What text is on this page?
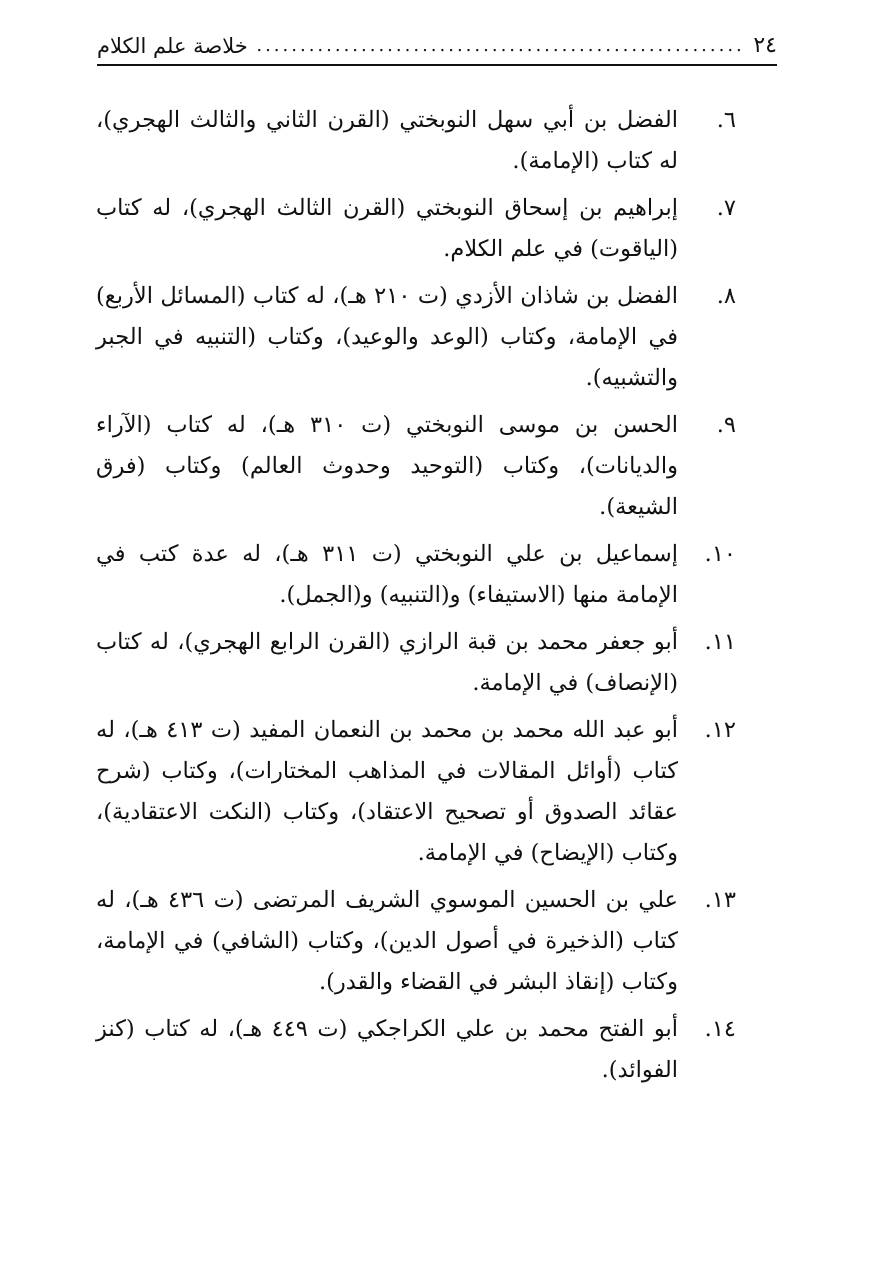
٢٤
........................................................
خلاصة علم الكلام
٦.
الفضل بن أبي سهل النوبختي (القرن الثاني والثالث الهجري)، له كتاب (الإمامة).
٧.
إبراهيم بن إسحاق النوبختي (القرن الثالث الهجري)، له كتاب (الياقوت) في علم الكلام.
٨.
الفضل بن شاذان الأزدي (ت ٢١٠ هـ)، له كتاب (المسائل الأربع) في الإمامة، وكتاب (الوعد والوعيد)، وكتاب (التنبيه في الجبر والتشبيه).
٩.
الحسن بن موسى النوبختي (ت ٣١٠ هـ)، له كتاب (الآراء والديانات)، وكتاب (التوحيد وحدوث العالم) وكتاب (فرق الشيعة).
١٠.
إسماعيل بن علي النوبختي (ت ٣١١ هـ)، له عدة كتب في الإمامة منها (الاستيفاء) و(التنبيه) و(الجمل).
١١.
أبو جعفر محمد بن قبة الرازي (القرن الرابع الهجري)، له كتاب (الإنصاف) في الإمامة.
١٢.
أبو عبد الله محمد بن محمد بن النعمان المفيد (ت ٤١٣ هـ)، له كتاب (أوائل المقالات في المذاهب المختارات)، وكتاب (شرح عقائد الصدوق أو تصحيح الاعتقاد)، وكتاب (النكت الاعتقادية)، وكتاب (الإيضاح) في الإمامة.
١٣.
علي بن الحسين الموسوي الشريف المرتضى (ت ٤٣٦ هـ)، له كتاب (الذخيرة في أصول الدين)، وكتاب (الشافي) في الإمامة، وكتاب (إنقاذ البشر في القضاء والقدر).
١٤.
أبو الفتح محمد بن علي الكراجكي (ت ٤٤٩ هـ)، له كتاب (كنز الفوائد).
